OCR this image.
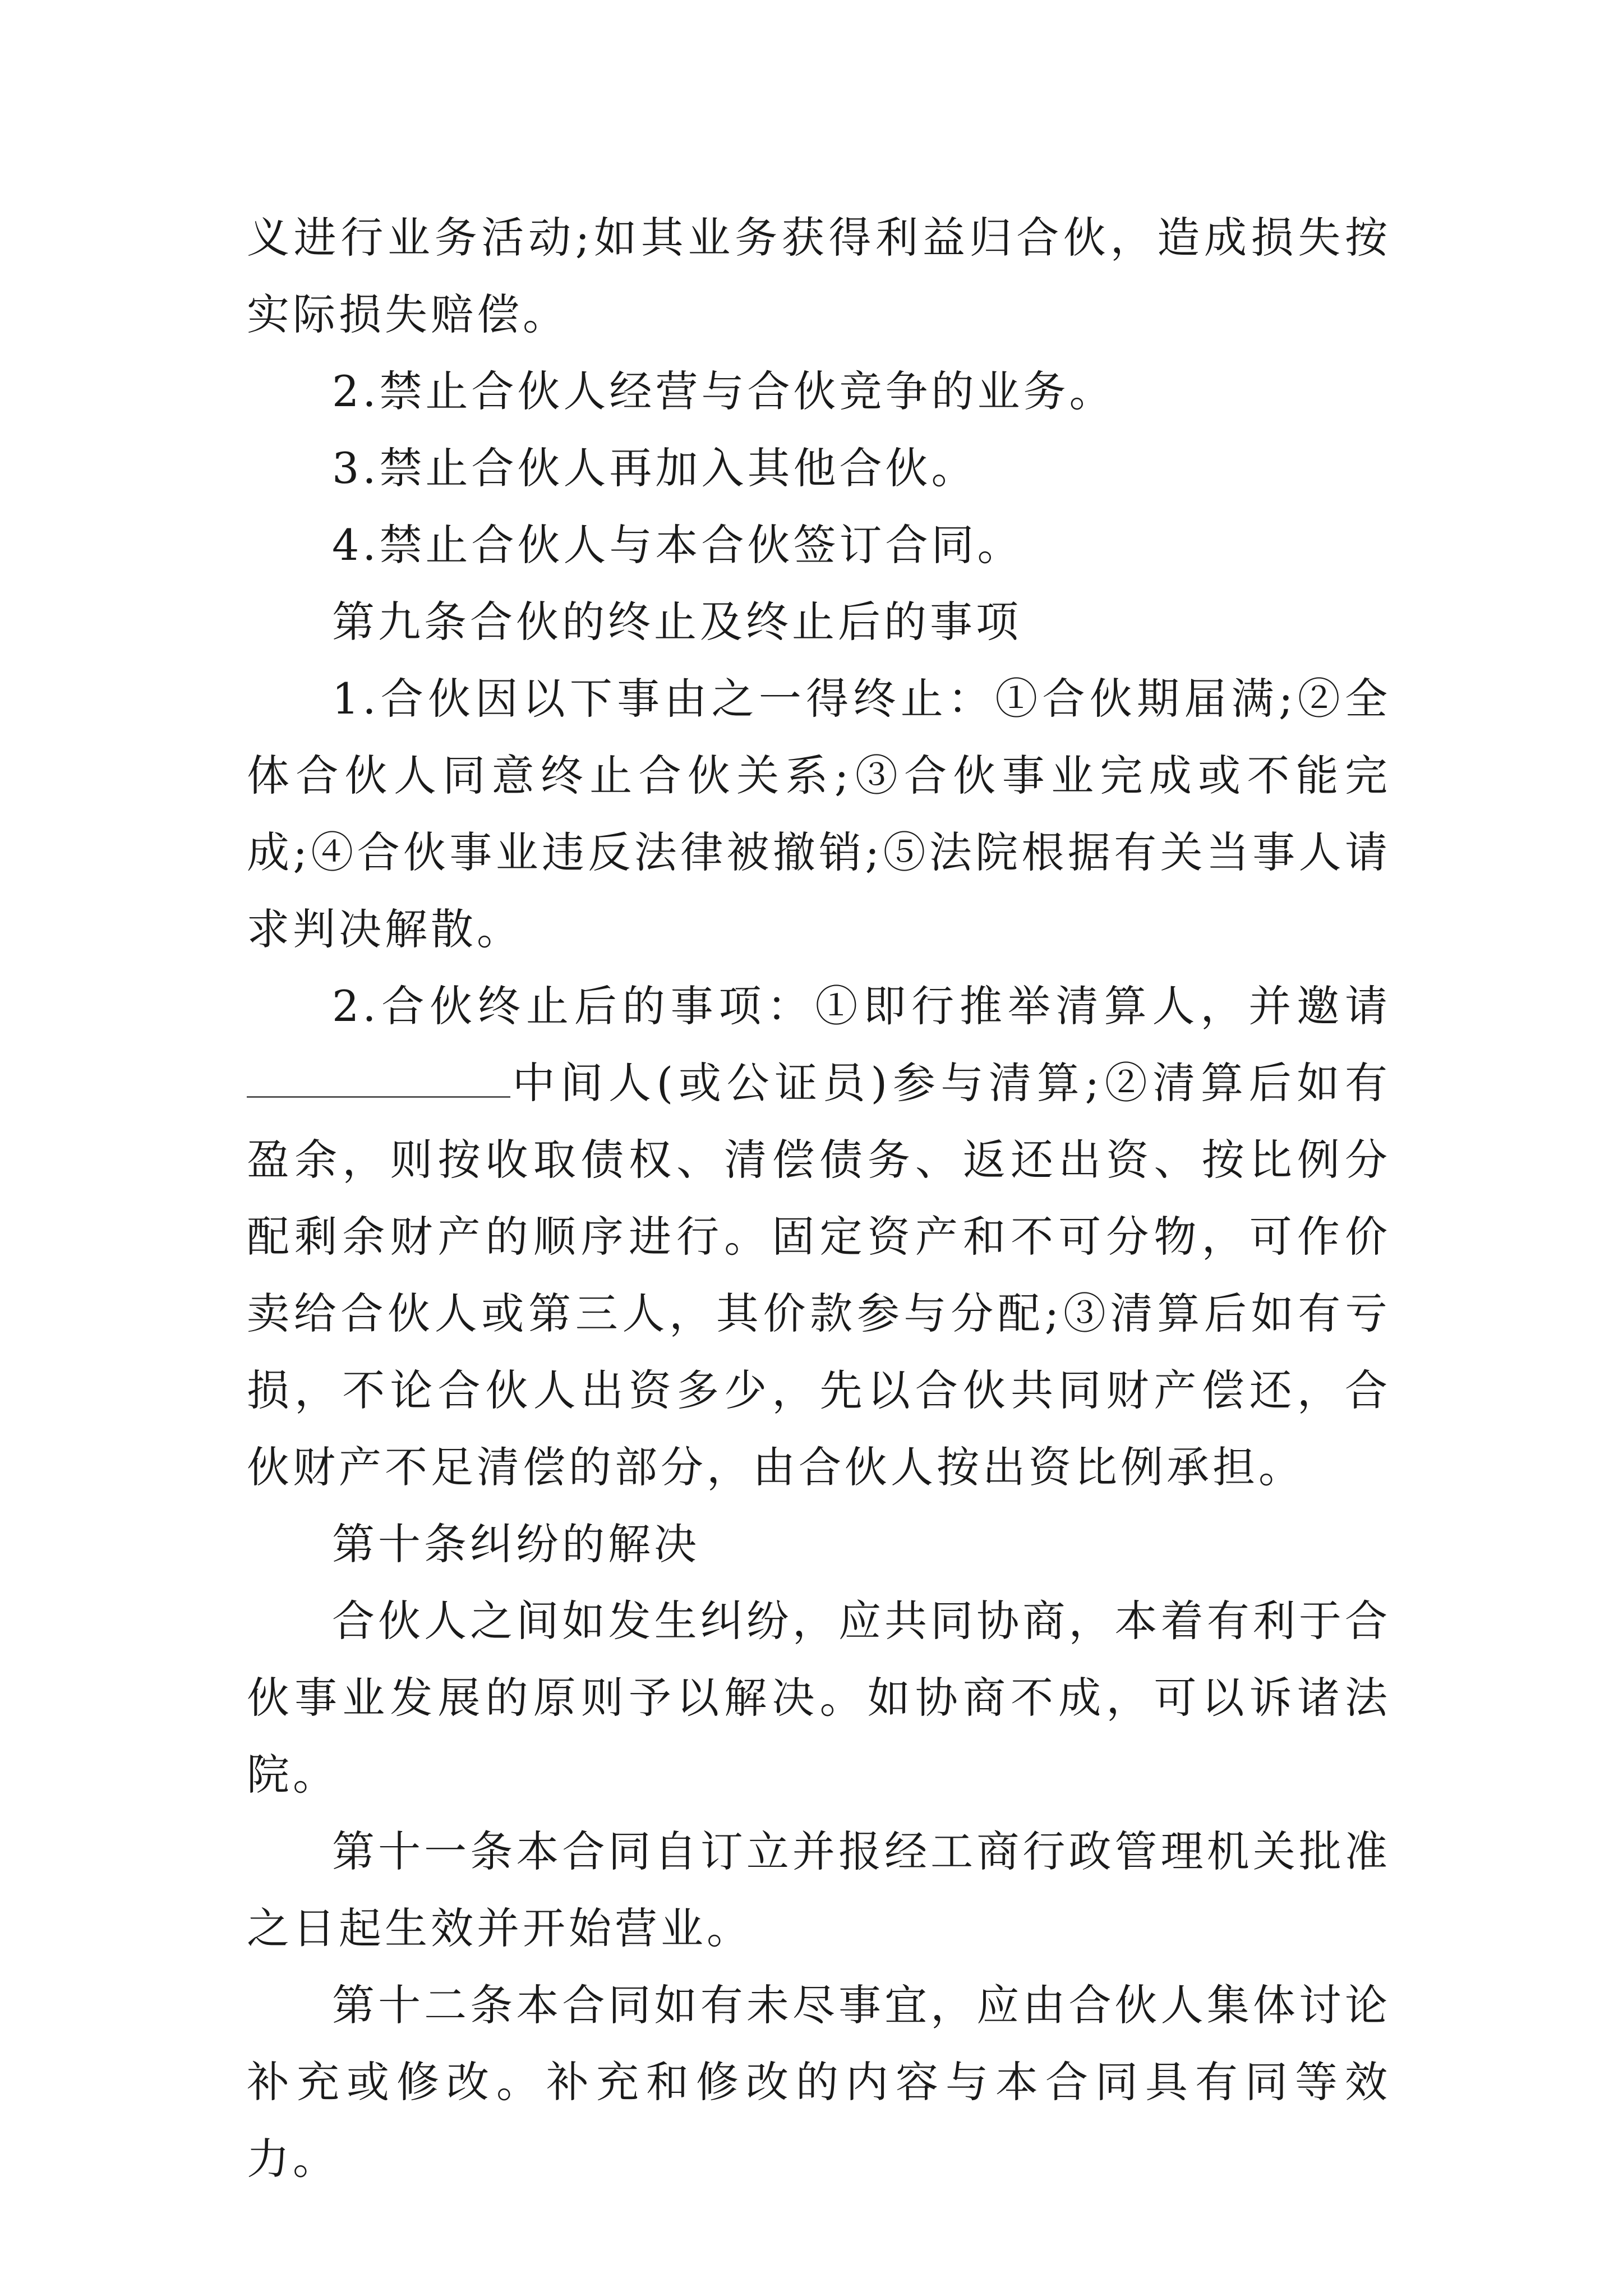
义进行业务活动;如其业务获得利益归合伙，造成损失按实际损失赔偿。

2.禁止合伙人经营与合伙竞争的业务。

3.禁止合伙人再加入其他合伙。

4.禁止合伙人与本合伙签订合同。

第九条合伙的终止及终止后的事项

1.合伙因以下事由之一得终止：①合伙期届满;②全体合伙人同意终止合伙关系;③合伙事业完成或不能完成;④合伙事业违反法律被撤销;⑤法院根据有关当事人请求判决解散。

2.合伙终止后的事项：①即行推举清算人，并邀请中间人(或公证员)参与清算;②清算后如有盈余，则按收取债权、清偿债务、返还出资、按比例分配剩余财产的顺序进行。固定资产和不可分物，可作价卖给合伙人或第三人，其价款参与分配;③清算后如有亏损，不论合伙人出资多少，先以合伙共同财产偿还，合伙财产不足清偿的部分，由合伙人按出资比例承担。

第十条纠纷的解决

合伙人之间如发生纠纷，应共同协商，本着有利于合伙事业发展的原则予以解决。如协商不成，可以诉诸法院。

第十一条本合同自订立并报经工商行政管理机关批准之日起生效并开始营业。

第十二条本合同如有未尽事宜，应由合伙人集体讨论补充或修改。补充和修改的内容与本合同具有同等效力。
